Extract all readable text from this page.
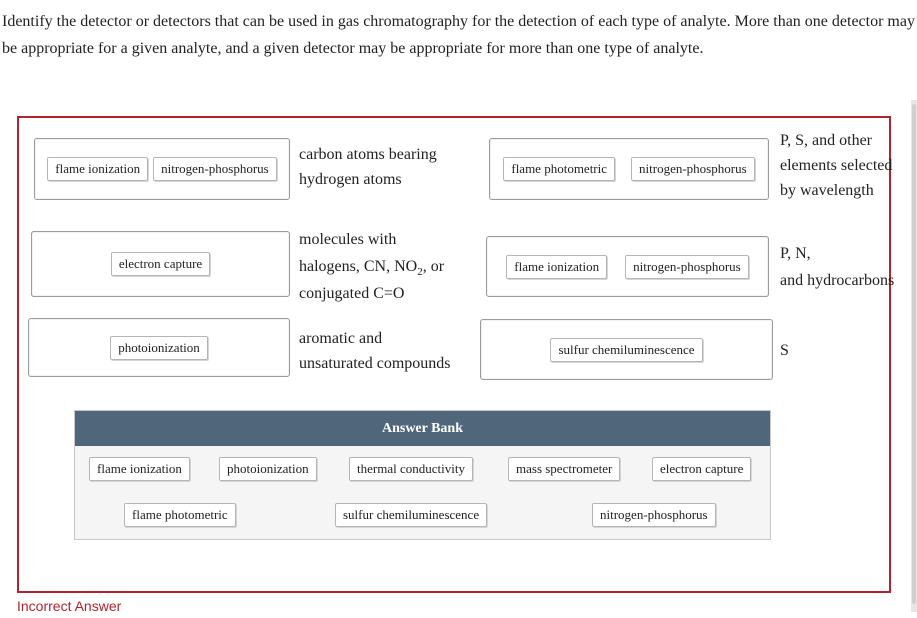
Identify the detector or detectors that can be used in gas chromatography for the detection of each type of analyte. More than one detector may be appropriate for a given analyte, and a given detector may be appropriate for more than one type of analyte.
flame ionization	nitrogen-phosphorus
carbon atoms bearing
hydrogen atoms
flame photometric	nitrogen-phosphorus
P, S, and other
elements selected
by wavelength
electron capture
molecules with
halogens, CN, $NO_2$, or
conjugated C=O
flame ionization	nitrogen-phosphorus
P, N,
and hydrocarbons
photoionization	aromatic and
unsaturated compounds
sulfur chemiluminescence	S
Answer Bank
flame ionization	photoionization	thermal conductivity	mass spectrometer	electron capture
flame photometric	sulfur chemiluminescence	nitrogen-phosphorus
Incorrect Answer
